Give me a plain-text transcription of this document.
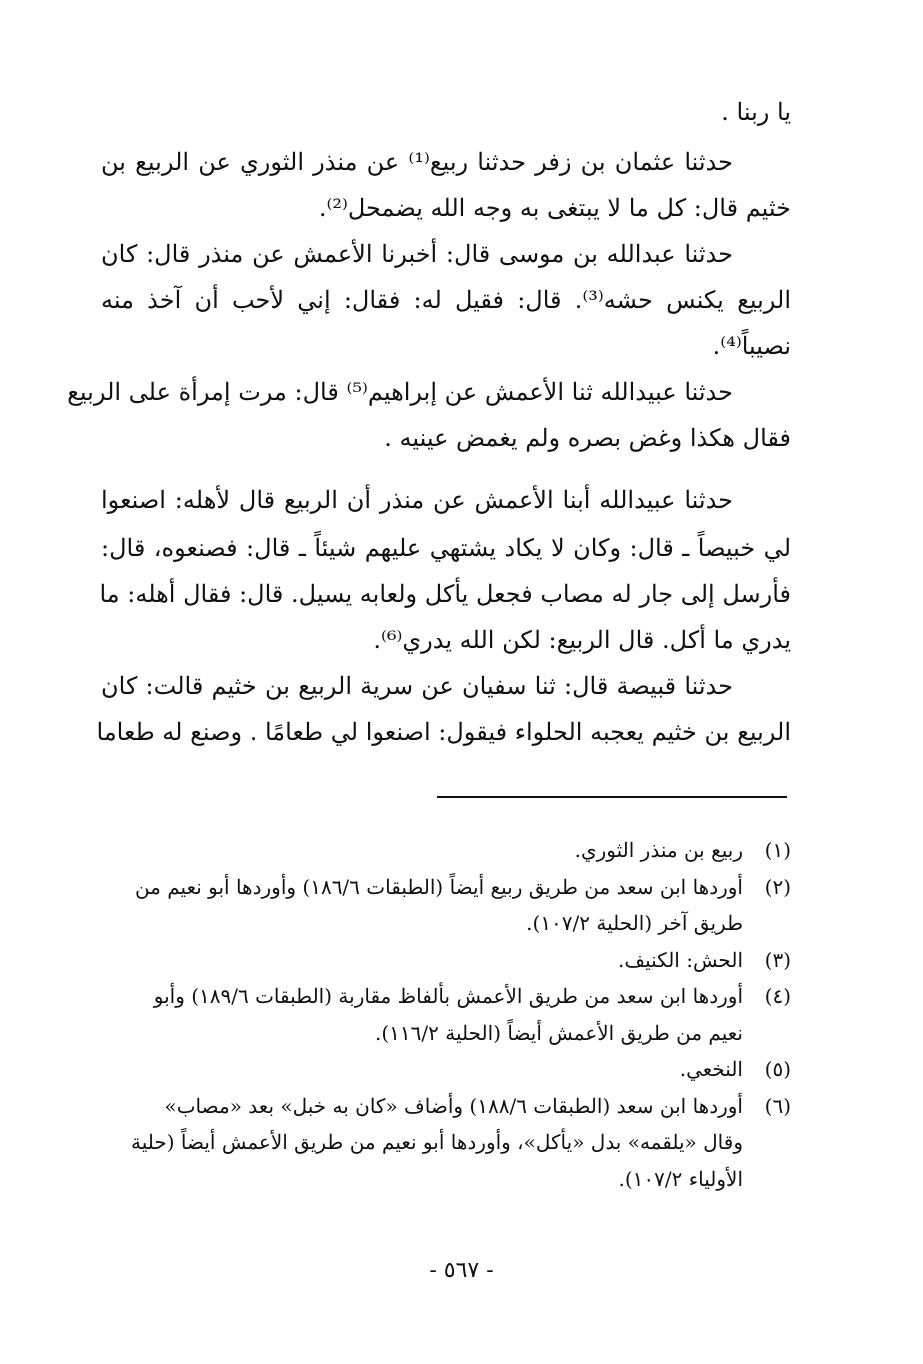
يا ربنا .
حدثنا عثمان بن زفر حدثنا ربيع⁽¹⁾ عن منذر الثوري عن الربيع بن
خثيم قال: كل ما لا يبتغى به وجه الله يضمحل⁽²⁾.
حدثنا عبدالله بن موسى قال: أخبرنا الأعمش عن منذر قال: كان
الربيع يكنس حشه⁽³⁾. قال: فقيل له: فقال: إني لأحب أن آخذ منه
نصيباً⁽⁴⁾.
حدثنا عبيدالله ثنا الأعمش عن إبراهيم⁽⁵⁾ قال: مرت إمرأة على الربيع
فقال هكذا وغض بصره ولم يغمض عينيه .
حدثنا عبيدالله أبنا الأعمش عن منذر أن الربيع قال لأهله: اصنعوا
لي خبيصاً ـ قال: وكان لا يكاد يشتهي عليهم شيئاً ـ قال: فصنعوه، قال:
فأرسل إلى جار له مصاب فجعل يأكل ولعابه يسيل. قال: فقال أهله: ما
يدري ما أكل. قال الربيع: لكن الله يدري⁽⁶⁾.
حدثنا قبيصة قال: ثنا سفيان عن سرية الربيع بن خثيم قالت: كان
الربيع بن خثيم يعجبه الحلواء فيقول: اصنعوا لي طعامًا . وصنع له طعاما
(١)ربيع بن منذر الثوري.
(٢)أوردها ابن سعد من طريق ربيع أيضاً (الطبقات ١٨٦/٦) وأوردها أبو نعيم من
طريق آخر (الحلية ١٠٧/٢).
(٣)الحش: الكنيف.
(٤)أوردها ابن سعد من طريق الأعمش بألفاظ مقاربة (الطبقات ١٨٩/٦) وأبو
نعيم من طريق الأعمش أيضاً (الحلية ١١٦/٢).
(٥)النخعي.
(٦)أوردها ابن سعد (الطبقات ١٨٨/٦) وأضاف «كان به خبل» بعد «مصاب»
وقال «يلقمه» بدل «يأكل»، وأوردها أبو نعيم من طريق الأعمش أيضاً (حلية
الأولياء ١٠٧/٢).
- ٥٦٧ -
